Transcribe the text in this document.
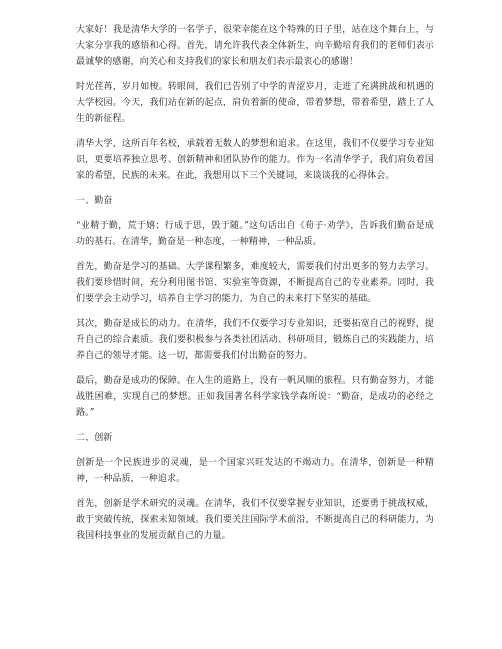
大家好！我是清华大学的一名学子，很荣幸能在这个特殊的日子里，站在这个舞台上，与大家分享我的感悟和心得。首先，请允许我代表全体新生，向辛勤培育我们的老师们表示最诚挚的感谢，向关心和支持我们的家长和朋友们表示最衷心的感谢！

时光荏苒，岁月如梭。转眼间，我们已告别了中学的青涩岁月，走进了充满挑战和机遇的大学校园。今天，我们站在新的起点，肩负着新的使命，带着梦想，带着希望，踏上了人生的新征程。

清华大学，这所百年名校，承载着无数人的梦想和追求。在这里，我们不仅要学习专业知识，更要培养独立思考、创新精神和团队协作的能力。作为一名清华学子，我们肩负着国家的希望，民族的未来。在此，我想用以下三个关键词，来谈谈我的心得体会。

一、勤奋

“业精于勤，荒于嬉；行成于思，毁于随。”这句话出自《荀子·劝学》，告诉我们勤奋是成功的基石。在清华，勤奋是一种态度，一种精神，一种品质。

首先，勤奋是学习的基础。大学课程繁多，难度较大，需要我们付出更多的努力去学习。我们要珍惜时间，充分利用图书馆、实验室等资源，不断提高自己的专业素养。同时，我们要学会主动学习，培养自主学习的能力，为自己的未来打下坚实的基础。

其次，勤奋是成长的动力。在清华，我们不仅要学习专业知识，还要拓宽自己的视野，提升自己的综合素质。我们要积极参与各类社团活动、科研项目，锻炼自己的实践能力，培养自己的领导才能。这一切，都需要我们付出勤奋的努力。

最后，勤奋是成功的保障。在人生的道路上，没有一帆风顺的旅程。只有勤奋努力，才能战胜困难，实现自己的梦想。正如我国著名科学家钱学森所说：“勤奋，是成功的必经之路。”

二、创新

创新是一个民族进步的灵魂，是一个国家兴旺发达的不竭动力。在清华，创新是一种精神，一种品质，一种追求。

首先，创新是学术研究的灵魂。在清华，我们不仅要掌握专业知识，还要勇于挑战权威，敢于突破传统，探索未知领域。我们要关注国际学术前沿，不断提高自己的科研能力，为我国科技事业的发展贡献自己的力量。
